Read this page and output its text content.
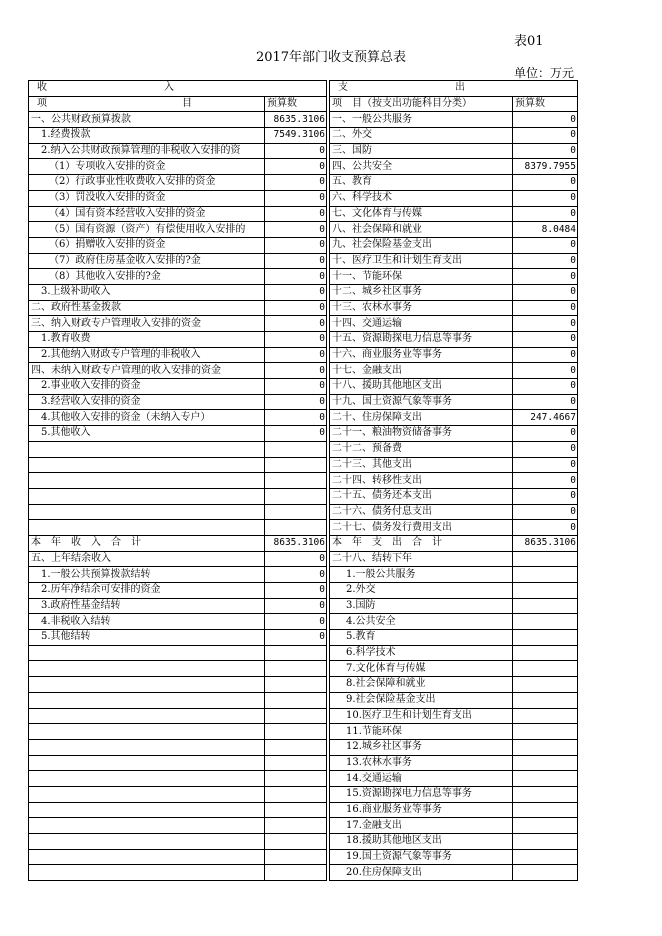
表01
2017年部门收支预算总表
单位：万元
收 入			支 出	

项 目	预算数		项　目（按支出功能科目分类）	预算数
一、公共财政预算拨款	8635.3106		一、一般公共服务	0
1.经费拨款	7549.3106		二、外交	0
2.纳入公共财政预算管理的非税收入安排的资	0		三、国防	0
（1）专项收入安排的资金	0		四、公共安全	8379.7955
（2）行政事业性收费收入安排的资金	0		五、教育	0
（3）罚没收入安排的资金	0		六、科学技术	0
（4）国有资本经营收入安排的资金	0		七、文化体育与传媒	0
（5）国有资源（资产）有偿使用收入安排的	0		八、社会保障和就业	8.0484
（6）捐赠收入安排的资金	0		九、社会保险基金支出	0
（7）政府住房基金收入安排的?金	0		十、医疗卫生和计划生育支出	0
（8）其他收入安排的?金	0		十一、节能环保	0
3.上级补助收入	0		十二、城乡社区事务	0
二、政府性基金拨款	0		十三、农林水事务	0
三、纳入财政专户管理收入安排的资金	0		十四、交通运输	0
1.教育收费	0		十五、资源勘探电力信息等事务	0
2.其他纳入财政专户管理的非税收入	0		十六、商业服务业等事务	0
四、未纳入财政专户管理的收入安排的资金	0		十七、金融支出	0
2.事业收入安排的资金	0		十八、援助其他地区支出	0
3.经营收入安排的资金	0		十九、国土资源气象等事务	0
4.其他收入安排的资金（未纳入专户）	0		二十、住房保障支出	247.4667
5.其他收入	0		二十一、粮油物资储备事务	0
			二十二、预备费	0
			二十三、其他支出	0
			二十四、转移性支出	0
			二十五、债务还本支出	0
			二十六、债务付息支出	0
			二十七、债务发行费用支出	0
本　年　收　入　合　计	8635.3106		本　年　支　出　合　计	8635.3106
五、上年结余收入	0		二十八、结转下年	
1.一般公共预算拨款结转	0		1.一般公共服务	
2.历年净结余可安排的资金	0		2.外交	
3.政府性基金结转	0		3.国防	
4.非税收入结转	0		4.公共安全	
5.其他结转	0		5.教育	
			6.科学技术	
			7.文化体育与传媒	
			8.社会保障和就业	
			9.社会保险基金支出	
			10.医疗卫生和计划生育支出	
			11.节能环保	
			12.城乡社区事务	
			13.农林水事务	
			14.交通运输	
			15.资源勘探电力信息等事务	
			16.商业服务业等事务	
			17.金融支出	
			18.援助其他地区支出	
			19.国土资源气象等事务	
			20.住房保障支出	
